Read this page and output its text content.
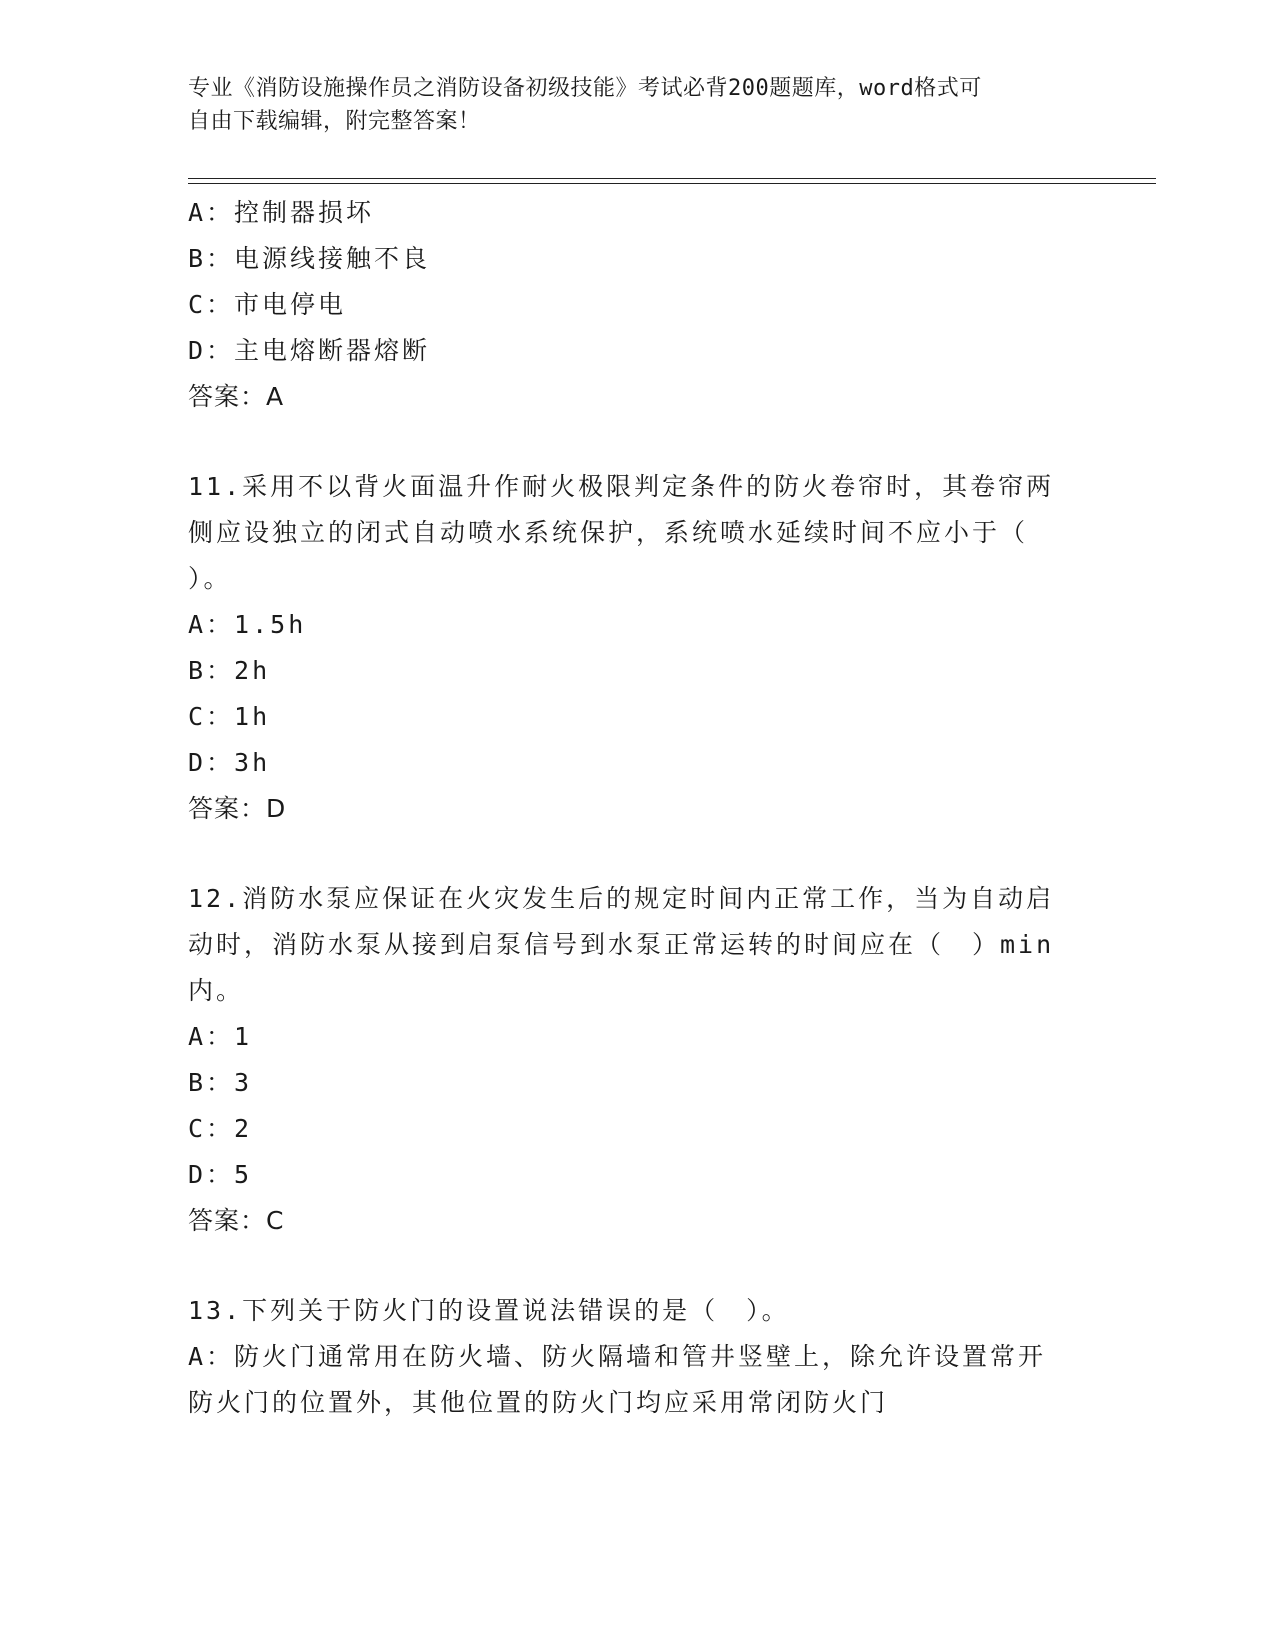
专业《消防设施操作员之消防设备初级技能》考试必背200题题库，word格式可
自由下载编辑，附完整答案！
A：控制器损坏
B：电源线接触不良
C：市电停电
D：主电熔断器熔断
答案：A
11.采用不以背火面温升作耐火极限判定条件的防火卷帘时，其卷帘两
侧应设独立的闭式自动喷水系统保护，系统喷水延续时间不应小于（
）。
A：1.5h
B：2h
C：1h
D：3h
答案：D
12.消防水泵应保证在火灾发生后的规定时间内正常工作，当为自动启
动时，消防水泵从接到启泵信号到水泵正常运转的时间应在（　）min
内。
A：1
B：3
C：2
D：5
答案：C
13.下列关于防火门的设置说法错误的是（　）。
A：防火门通常用在防火墙、防火隔墙和管井竖壁上，除允许设置常开
防火门的位置外，其他位置的防火门均应采用常闭防火门
